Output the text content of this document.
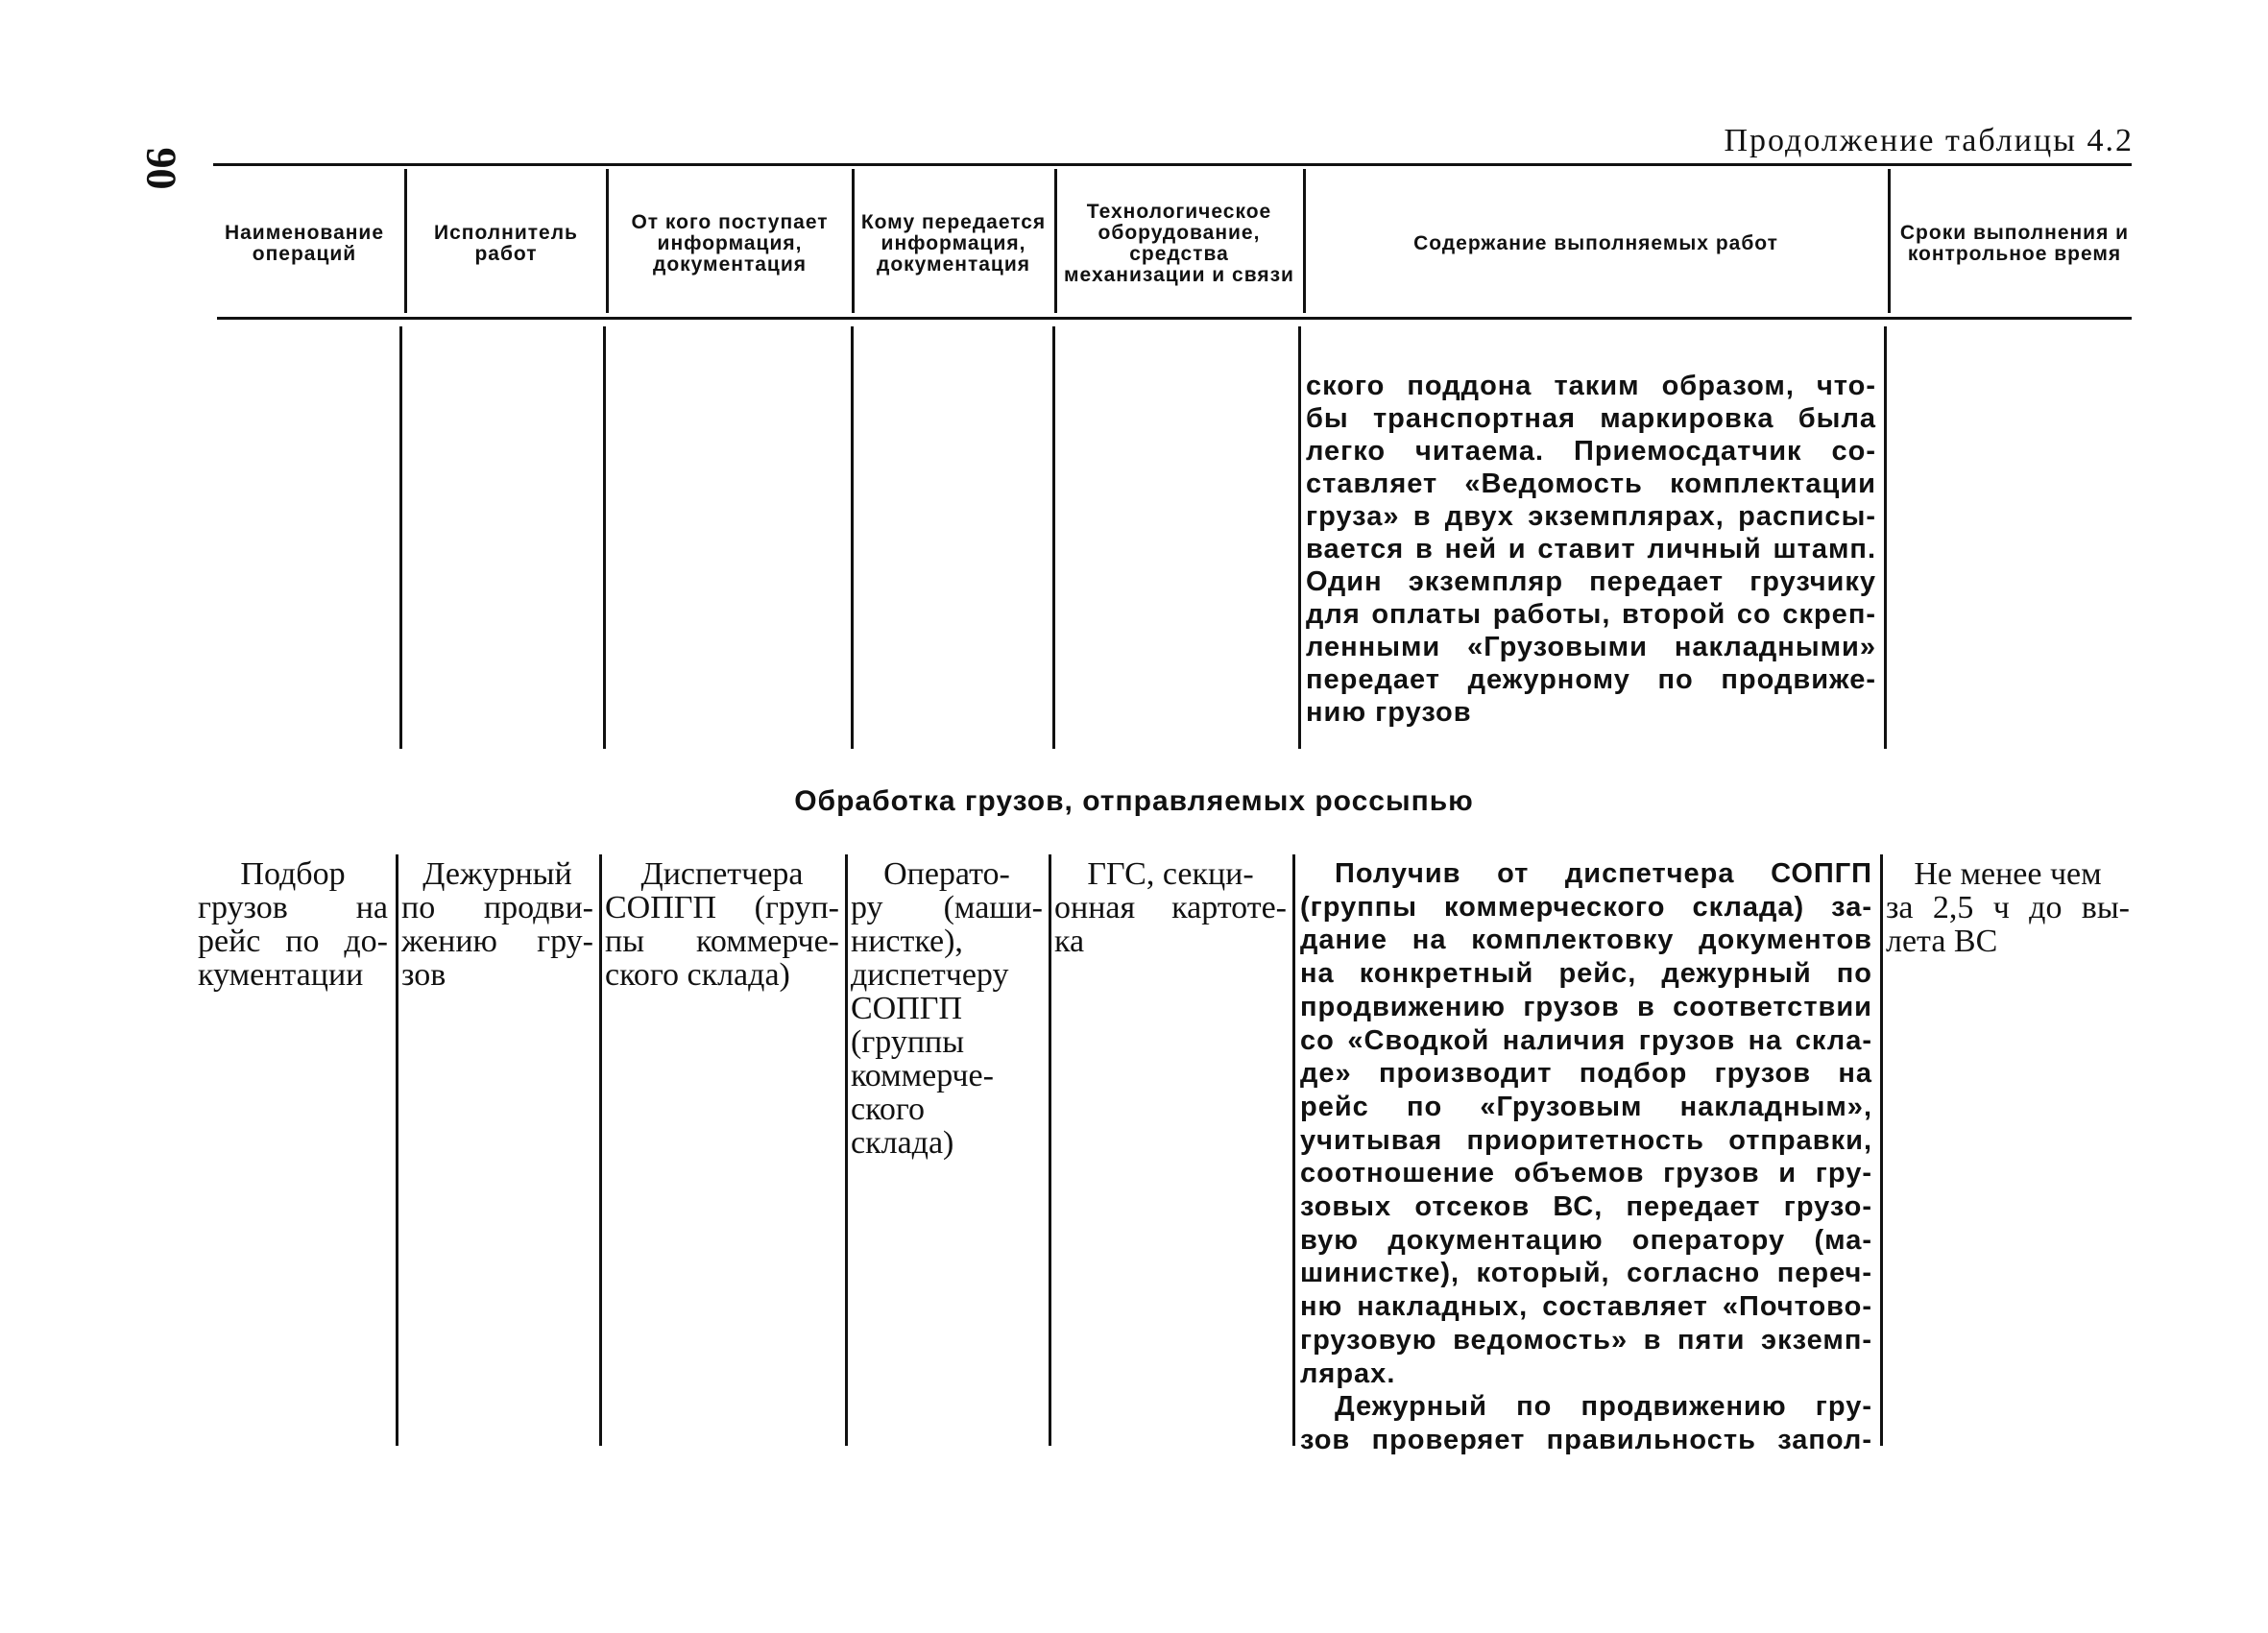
90
Продолжение таблицы 4.2
Наименование операций
Исполнитель работ
От кого поступает информация, документация
Кому передается информация, документация
Технологическое оборудование, средства механизации и связи
Содержание выполняемых работ	Сроки выполнения и контрольное время
ского поддона таким образом, что-
бы транспортная маркировка была
легко читаема. Приемосдатчик со-
ставляет «Ведомость комплектации
груза» в двух экземплярах, расписы-
вается в ней и ставит личный штамп.
Один экземпляр передает грузчику
для оплаты работы, второй со скреп-
ленными «Грузовыми накладными»
передает дежурному по продвиже-
нию грузов
Обработка грузов, отправляемых россыпью
Подбор
грузов на
рейс по до-
кументации
Дежурный
по продви-
жению гру-
зов
Диспетчера
СОПГП (груп-
пы коммерче-
ского склада)
Операто-
ру (маши-
нистке),
диспетчеру
СОПГП
(группы
коммерче-
ского
склада)
ГГС, секци-
онная картоте-
ка
Получив от диспетчера СОПГП
(группы коммерческого склада) за-
дание на комплектовку документов
на конкретный рейс, дежурный по
продвижению грузов в соответствии
со «Сводкой наличия грузов на скла-
де» производит подбор грузов на
рейс по «Грузовым накладным»,
учитывая приоритетность отправки,
соотношение объемов грузов и гру-
зовых отсеков ВС, передает грузо-
вую документацию оператору (ма-
шинистке), который, согласно переч-
ню накладных, составляет «Почтово-
грузовую ведомость» в пяти экземп-
лярах.
Дежурный по продвижению гру-
зов проверяет правильность запол-
Не менее чем
за 2,5 ч до вы-
лета ВС
